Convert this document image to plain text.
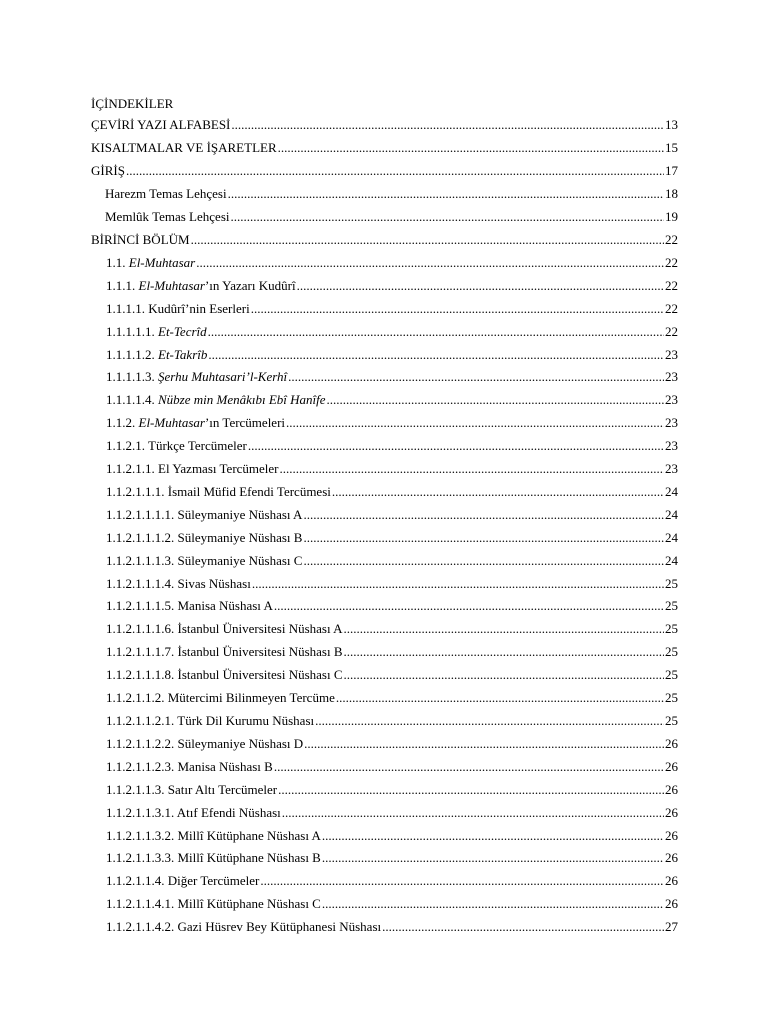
İÇİNDEKİLER
ÇEVİRİ YAZI ALFABESİ .....	13
KISALTMALAR VE İŞARETLER .....	15
GİRİŞ .....	17
Harezm Temas Lehçesi .....	18
Memlûk Temas Lehçesi .....	19
BİRİNCİ BÖLÜM .....	22
1.1. El-Muhtasar .....	22
1.1.1. El-Muhtasar’ın Yazarı Kudûrî .....	22
1.1.1.1. Kudûrî’nin Eserleri .....	22
1.1.1.1.1. Et-Tecrîd .....	22
1.1.1.1.2. Et-Takrîb .....	23
1.1.1.1.3. Şerhu Muhtasari’l-Kerhî .....	23
1.1.1.1.4. Nübze min Menâkıbı Ebî Hanîfe .....	23
1.1.2. El-Muhtasar’ın Tercümeleri .....	23
1.1.2.1. Türkçe Tercümeler .....	23
1.1.2.1.1. El Yazması Tercümeler .....	23
1.1.2.1.1.1. İsmail Müfid Efendi Tercümesi .....	24
1.1.2.1.1.1.1. Süleymaniye Nüshası A .....	24
1.1.2.1.1.1.2. Süleymaniye Nüshası B .....	24
1.1.2.1.1.1.3. Süleymaniye Nüshası C .....	24
1.1.2.1.1.1.4. Sivas Nüshası .....	25
1.1.2.1.1.1.5. Manisa Nüshası A .....	25
1.1.2.1.1.1.6. İstanbul Üniversitesi Nüshası A .....	25
1.1.2.1.1.1.7. İstanbul Üniversitesi Nüshası B .....	25
1.1.2.1.1.1.8. İstanbul Üniversitesi Nüshası C .....	25
1.1.2.1.1.2. Mütercimi Bilinmeyen Tercüme .....	25
1.1.2.1.1.2.1. Türk Dil Kurumu Nüshası .....	25
1.1.2.1.1.2.2. Süleymaniye Nüshası D .....	26
1.1.2.1.1.2.3. Manisa Nüshası B .....	26
1.1.2.1.1.3. Satır Altı Tercümeler .....	26
1.1.2.1.1.3.1. Atıf Efendi Nüshası .....	26
1.1.2.1.1.3.2. Millî Kütüphane Nüshası A .....	26
1.1.2.1.1.3.3. Millî Kütüphane Nüshası B .....	26
1.1.2.1.1.4. Diğer Tercümeler .....	26
1.1.2.1.1.4.1. Millî Kütüphane Nüshası C .....	26
1.1.2.1.1.4.2. Gazi Hüsrev Bey Kütüphanesi Nüshası .....	27
